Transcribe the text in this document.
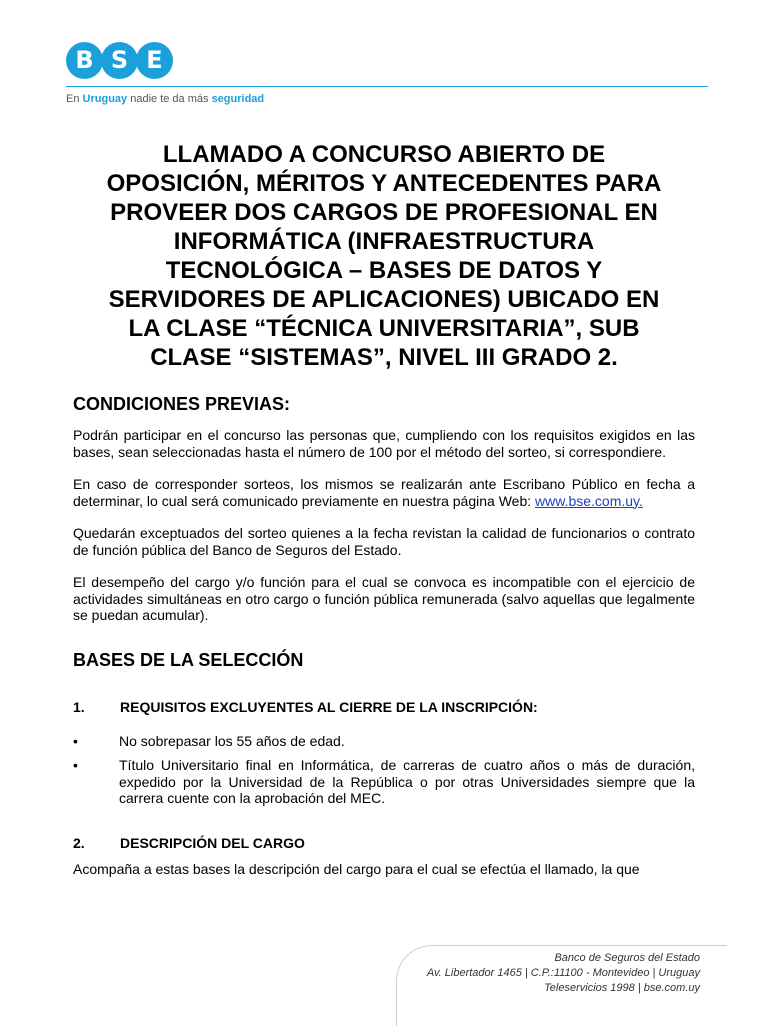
B S E
En Uruguay nadie te da más seguridad
LLAMADO A CONCURSO ABIERTO DE
OPOSICIÓN, MÉRITOS Y ANTECEDENTES PARA
PROVEER DOS CARGOS DE PROFESIONAL EN
INFORMÁTICA (INFRAESTRUCTURA
TECNOLÓGICA – BASES DE DATOS Y
SERVIDORES DE APLICACIONES) UBICADO EN
LA CLASE “TÉCNICA UNIVERSITARIA”, SUB
CLASE “SISTEMAS”, NIVEL III GRADO 2.
CONDICIONES PREVIAS:

Podrán participar en el concurso las personas que, cumpliendo con los requisitos exigidos en las bases, sean seleccionadas hasta el número de 100 por el método del sorteo, si correspondiere.

En caso de corresponder sorteos, los mismos se realizarán ante Escribano Público en fecha a determinar, lo cual será comunicado previamente en nuestra página Web: www.bse.com.uy.

Quedarán exceptuados del sorteo quienes a la fecha revistan la calidad de funcionarios o contrato de función pública del Banco de Seguros del Estado.

El desempeño del cargo y/o función para el cual se convoca es incompatible con el ejercicio de actividades simultáneas en otro cargo o función pública remunerada (salvo aquellas que legalmente se puedan acumular).

BASES DE LA SELECCIÓN
1.	REQUISITOS EXCLUYENTES AL CIERRE DE LA INSCRIPCIÓN:
•	No sobrepasar los 55 años de edad.
•	Título Universitario final en Informática, de carreras de cuatro años o más de duración, expedido por la Universidad de la República o por otras Universidades siempre que la carrera cuente con la aprobación del MEC.
2.	DESCRIPCIÓN DEL CARGO

Acompaña a estas bases la descripción del cargo para el cual se efectúa el llamado, la que

Banco de Seguros del Estado
Av. Libertador 1465 | C.P.:11100 - Montevideo | Uruguay
Teleservicios 1998 | bse.com.uy
